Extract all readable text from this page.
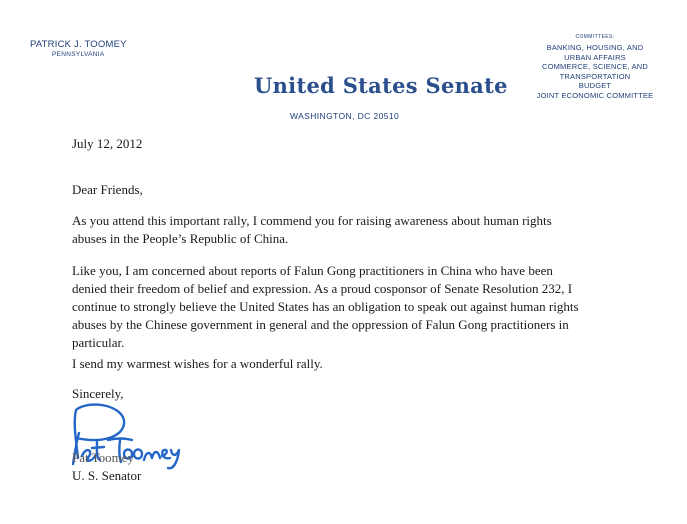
PATRICK J. TOOMEY
PENNSYLVANIA
United States Senate
WASHINGTON, DC 20510
COMMITTEES:
BANKING, HOUSING, AND
URBAN AFFAIRS
COMMERCE, SCIENCE, AND
TRANSPORTATION
BUDGET
JOINT ECONOMIC COMMITTEE
July 12, 2012
Dear Friends,
As you attend this important rally, I commend you for raising awareness about human rights
abuses in the People’s Republic of China.
Like you, I am concerned about reports of Falun Gong practitioners in China who have been
denied their freedom of belief and expression. As a proud cosponsor of Senate Resolution 232, I
continue to strongly believe the United States has an obligation to speak out against human rights
abuses by the Chinese government in general and the oppression of Falun Gong practitioners in
particular.
I send my warmest wishes for a wonderful rally.
Sincerely,
Pat Toomey
U. S. Senator
